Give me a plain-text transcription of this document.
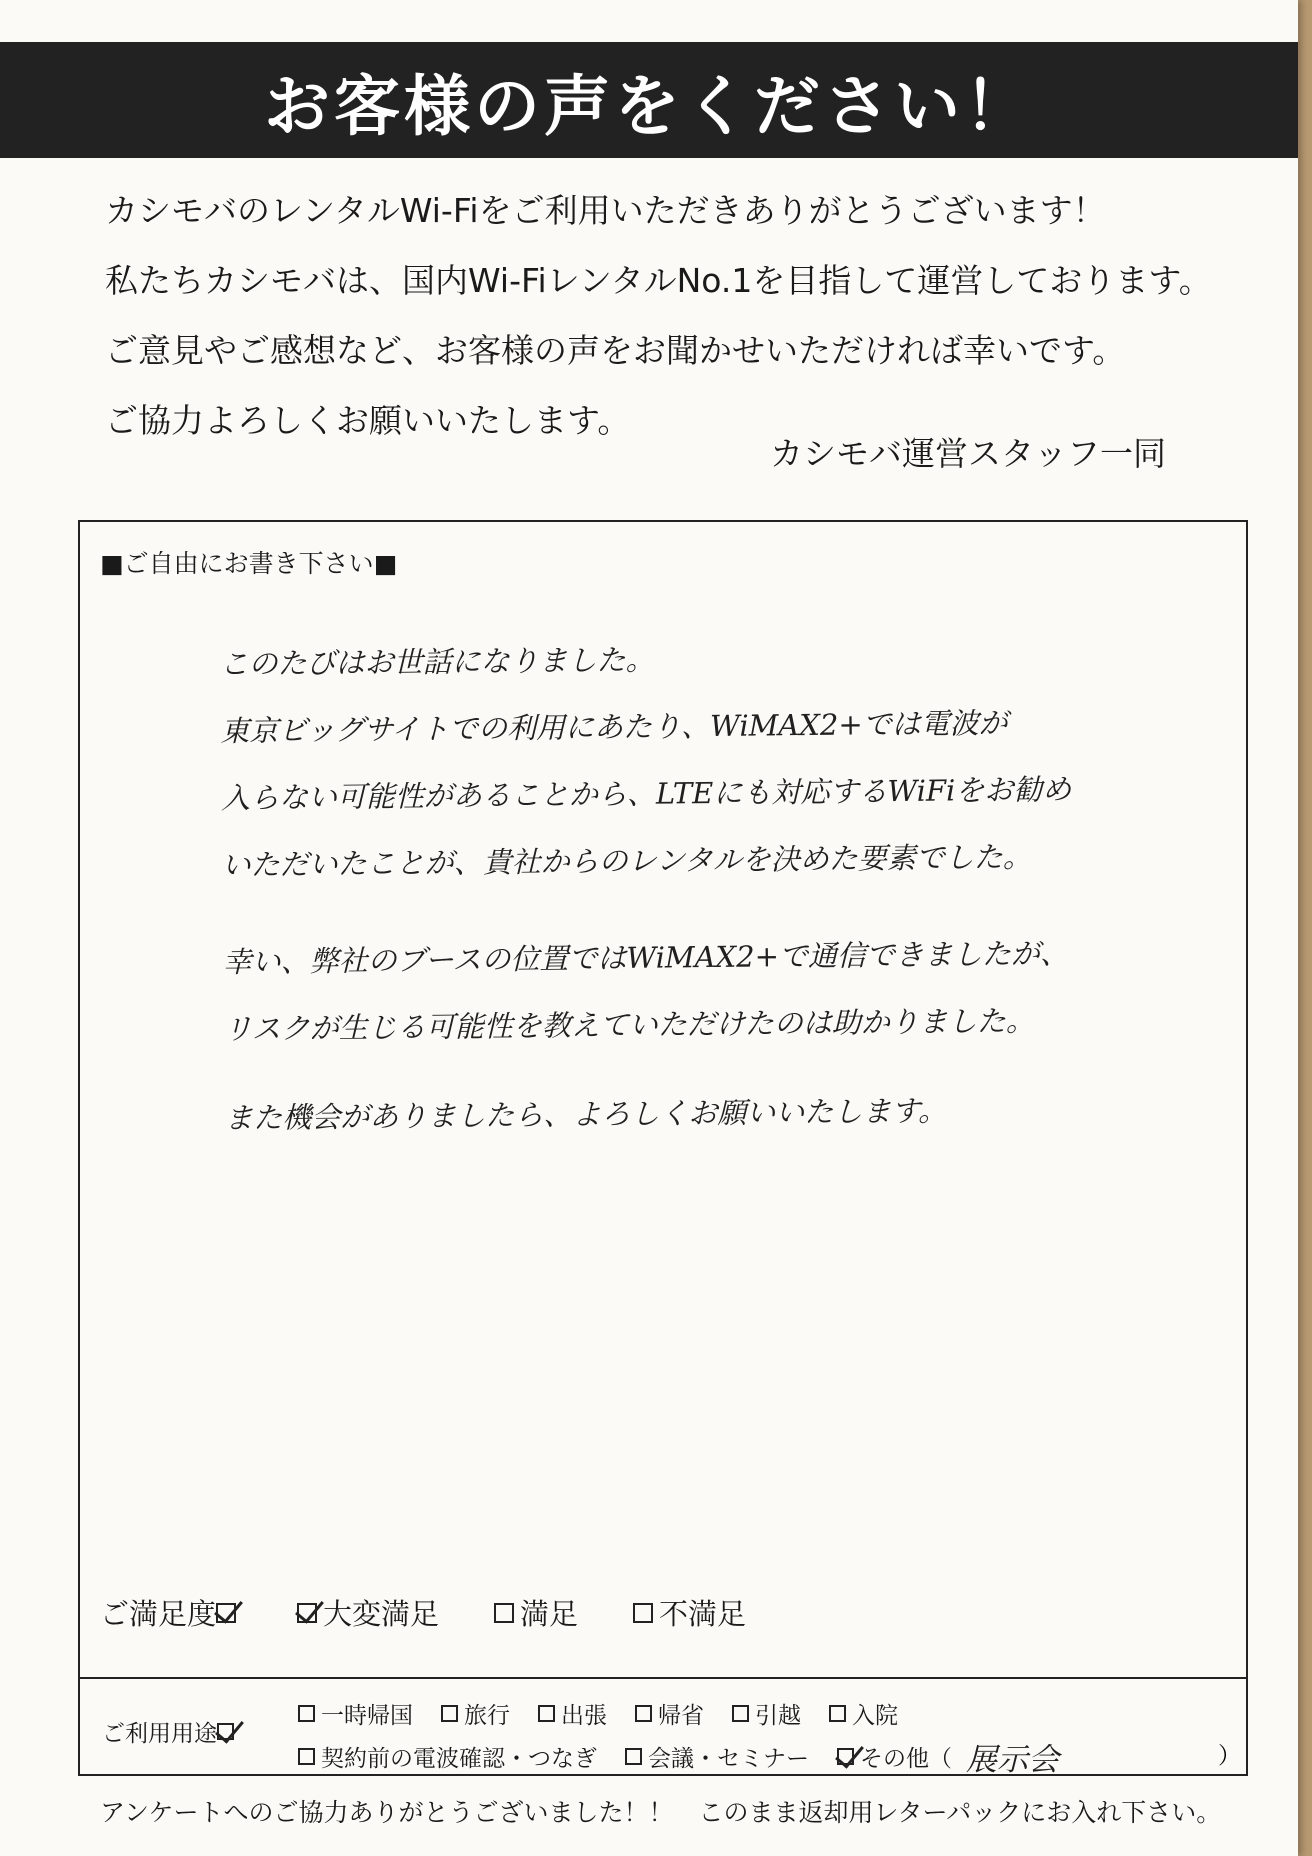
お客様の声をください！
カシモバのレンタルWi-Fiをご利用いただきありがとうございます！
私たちカシモバは、国内Wi-FiレンタルNo.1を目指して運営しております。
ご意見やご感想など、お客様の声をお聞かせいただければ幸いです。
ご協力よろしくお願いいたします。
カシモバ運営スタッフ一同
■ご自由にお書き下さい■
このたびはお世話になりました。
東京ビッグサイトでの利用にあたり、WiMAX2+では電波が
入らない可能性があることから、LTEにも対応するWiFiをお勧め
いただいたことが、貴社からのレンタルを決めた要素でした。
幸い、弊社のブースの位置ではWiMAX2+で通信できましたが、
リスクが生じる可能性を教えていただけたのは助かりました。
また機会がありましたら、よろしくお願いいたします。
ご満足度	大変満足	満足	不満足
ご利用用途
一時帰国 旅行 出張 帰省 引越 入院
契約前の電波確認・つなぎ 会議・セミナー その他（ 展示会	）
アンケートへのご協力ありがとうございました！！　このまま返却用レターパックにお入れ下さい。
